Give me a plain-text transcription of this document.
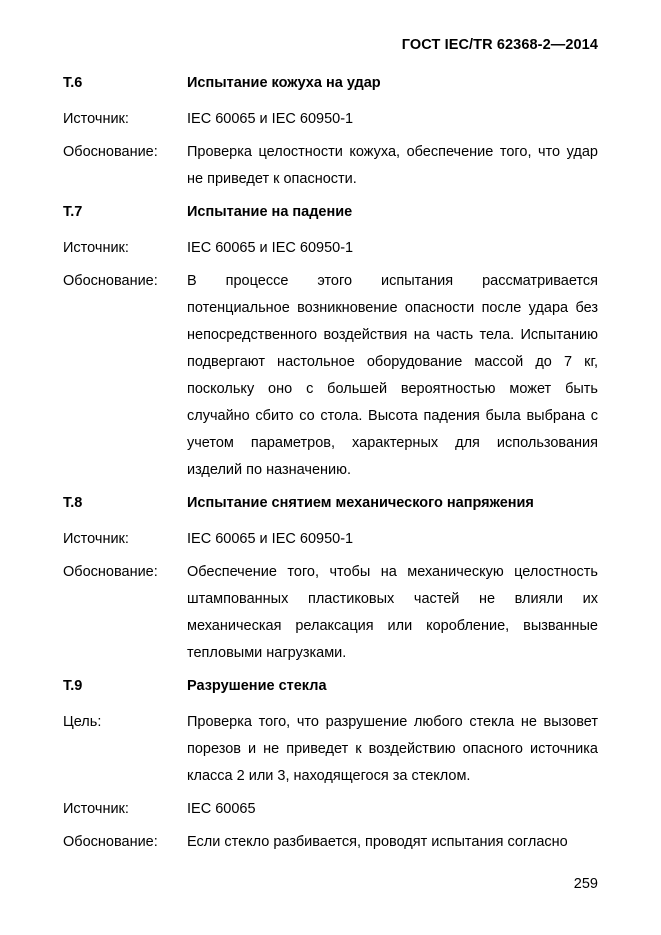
ГОСТ IEC/TR 62368-2—2014
T.6	Испытание кожуха на удар
Источник:	IEC 60065 и IEC 60950-1
Обоснование:	Проверка целостности кожуха, обеспечение того, что удар не приведет к опасности.
T.7	Испытание на падение
Источник:	IEC 60065 и IEC 60950-1
Обоснование:	В процессе этого испытания рассматривается потенциальное возникновение опасности после удара без непосредственного воздействия на часть тела. Испытанию подвергают настольное оборудование массой до 7 кг, поскольку оно с большей вероятностью может быть случайно сбито со стола. Высота падения была выбрана с учетом параметров, характерных для использования изделий по назначению.
T.8	Испытание снятием механического напряжения
Источник:	IEC 60065 и IEC 60950-1
Обоснование:	Обеспечение того, чтобы на механическую целостность штампованных пластиковых частей не влияли их механическая релаксация или коробление, вызванные тепловыми нагрузками.
T.9	Разрушение стекла
Цель:	Проверка того, что разрушение любого стекла не вызовет порезов и не приведет к воздействию опасного источника класса 2 или 3, находящегося за стеклом.
Источник:	IEC 60065
Обоснование:	Если стекло разбивается, проводят испытания согласно
259
